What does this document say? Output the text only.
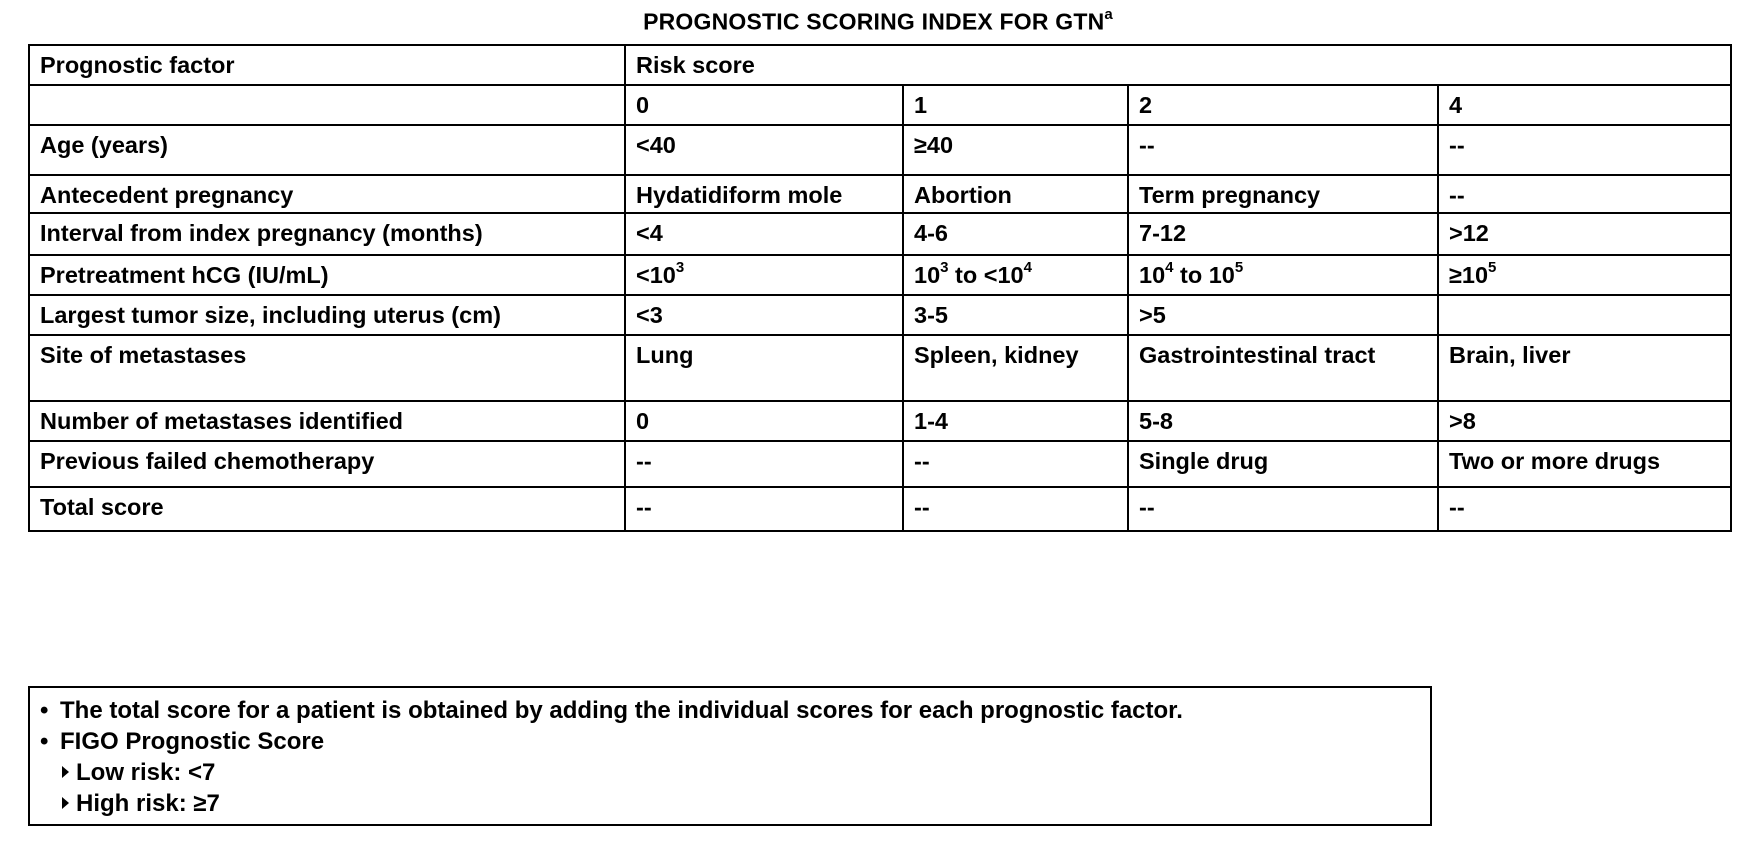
PROGNOSTIC SCORING INDEX FOR GTN$^a$
Prognostic factor	Risk score			
	0	1	2	4
Age (years)	<40	≥40	--	--
Antecedent pregnancy	Hydatidiform mole	Abortion	Term pregnancy	--
Interval from index pregnancy (months)	<4	4-6	7-12	>12
Pretreatment hCG (IU/mL)	$<10^3$	$10^3$ to $<10^4$	$10^4$ to $10^5$	$\ge 10^5$
Largest tumor size, including uterus (cm)	<3	3-5	>5	
Site of metastases	Lung	Spleen, kidney	Gastrointestinal tract	Brain, liver
Number of metastases identified	0	1-4	5-8	>8
Previous failed chemotherapy	--	--	Single drug	Two or more drugs
Total score	--	--	--	--
• The total score for a patient is obtained by adding the individual scores for each prognostic factor.
• FIGO Prognostic Score
Low risk: <7
High risk: ≥7
